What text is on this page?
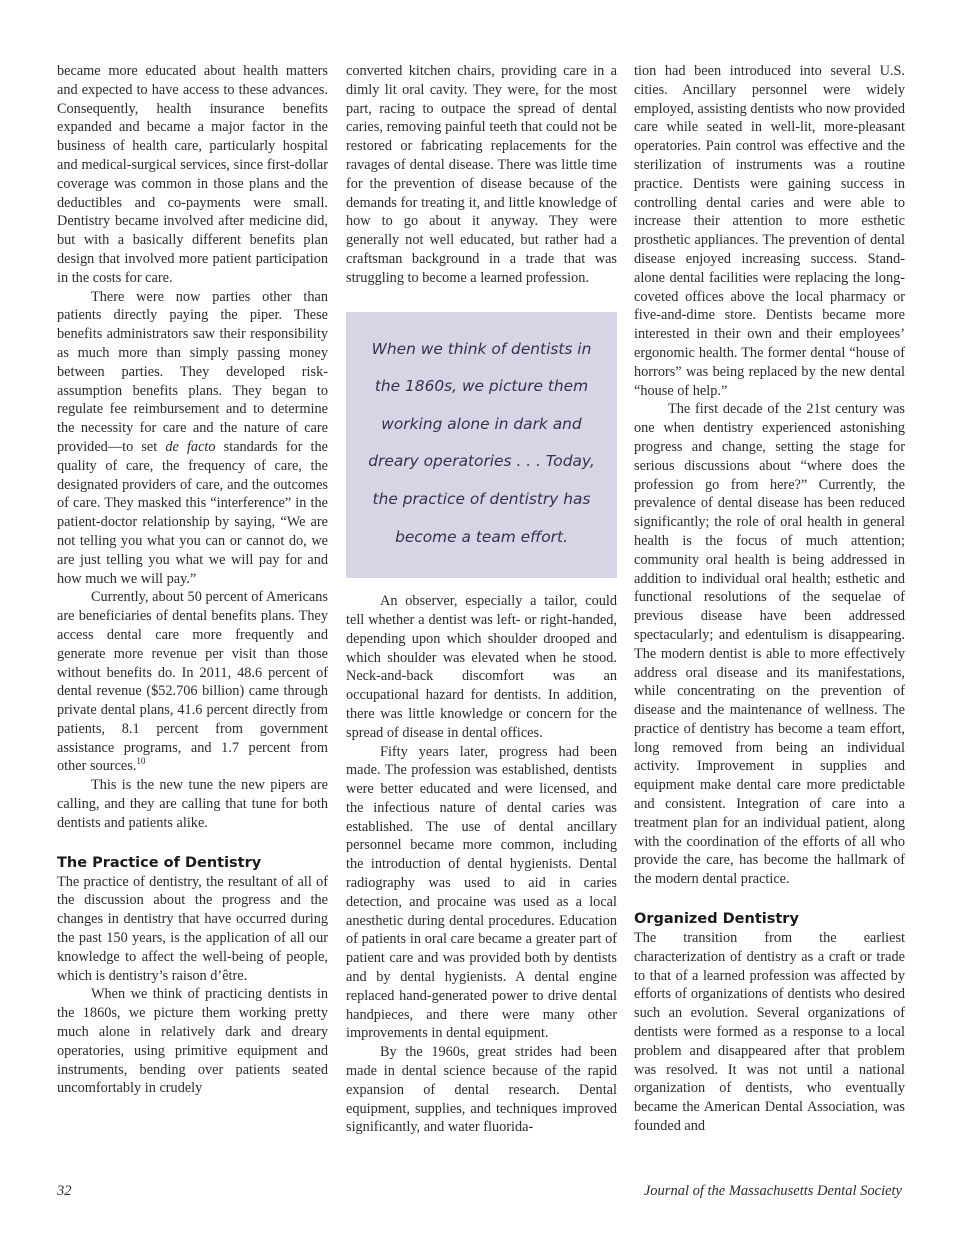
became more educated about health matters and expected to have access to these advances. Consequently, health insurance benefits expanded and became a major factor in the business of health care, particularly hospital and medical-surgical services, since first-dollar coverage was common in those plans and the deductibles and co-payments were small. Dentistry became involved after medicine did, but with a basically different benefits plan design that involved more patient participation in the costs for care.

There were now parties other than patients directly paying the piper. These benefits administrators saw their responsibility as much more than simply passing money between parties. They developed risk-assumption benefits plans. They began to regulate fee reimbursement and to determine the necessity for care and the nature of care provided—to set de facto standards for the quality of care, the frequency of care, the designated providers of care, and the outcomes of care. They masked this “interference” in the patient-doctor relationship by saying, “We are not telling you what you can or cannot do, we are just telling you what we will pay for and how much we will pay.”

Currently, about 50 percent of Americans are beneficiaries of dental benefits plans. They access dental care more frequently and generate more revenue per visit than those without benefits do. In 2011, 48.6 percent of dental revenue ($52.706 billion) came through private dental plans, 41.6 percent directly from patients, 8.1 percent from government assistance programs, and 1.7 percent from other sources.$^{10}$

This is the new tune the new pipers are calling, and they are calling that tune for both dentists and patients alike.

The Practice of Dentistry

The practice of dentistry, the resultant of all of the discussion about the progress and the changes in dentistry that have occurred during the past 150 years, is the application of all our knowledge to affect the well-being of people, which is dentistry’s raison d’être.

When we think of practicing dentists in the 1860s, we picture them working pretty much alone in relatively dark and dreary operatories, using primitive equipment and instruments, bending over patients seated uncomfortably in crudely

converted kitchen chairs, providing care in a dimly lit oral cavity. They were, for the most part, racing to outpace the spread of dental caries, removing painful teeth that could not be restored or fabricating replacements for the ravages of dental disease. There was little time for the prevention of disease because of the demands for treating it, and little knowledge of how to go about it anyway. They were generally not well educated, but rather had a craftsman background in a trade that was struggling to become a learned profession.

When we think of dentists in the 1860s, we picture them working alone in dark and dreary operatories . . . Today, the practice of dentistry has become a team effort.

An observer, especially a tailor, could tell whether a dentist was left- or right-handed, depending upon which shoulder drooped and which shoulder was elevated when he stood. Neck-and-back discomfort was an occupational hazard for dentists. In addition, there was little knowledge or concern for the spread of disease in dental offices.

Fifty years later, progress had been made. The profession was established, dentists were better educated and were licensed, and the infectious nature of dental caries was established. The use of dental ancillary personnel became more common, including the introduction of dental hygienists. Dental radiography was used to aid in caries detection, and procaine was used as a local anesthetic during dental procedures. Education of patients in oral care became a greater part of patient care and was provided both by dentists and by dental hygienists. A dental engine replaced hand-generated power to drive dental handpieces, and there were many other improvements in dental equipment.

By the 1960s, great strides had been made in dental science because of the rapid expansion of dental research. Dental equipment, supplies, and techniques improved significantly, and water fluorida-

tion had been introduced into several U.S. cities. Ancillary personnel were widely employed, assisting dentists who now provided care while seated in well-lit, more-pleasant operatories. Pain control was effective and the sterilization of instruments was a routine practice. Dentists were gaining success in controlling dental caries and were able to increase their attention to more esthetic prosthetic appliances. The prevention of dental disease enjoyed increasing success. Stand-alone dental facilities were replacing the long-coveted offices above the local pharmacy or five-and-dime store. Dentists became more interested in their own and their employees’ ergonomic health. The former dental “house of horrors” was being replaced by the new dental “house of help.”

The first decade of the 21st century was one when dentistry experienced astonishing progress and change, setting the stage for serious discussions about “where does the profession go from here?” Currently, the prevalence of dental disease has been reduced significantly; the role of oral health in general health is the focus of much attention; community oral health is being addressed in addition to individual oral health; esthetic and functional resolutions of the sequelae of previous disease have been addressed spectacularly; and edentulism is disappearing. The modern dentist is able to more effectively address oral disease and its manifestations, while concentrating on the prevention of disease and the maintenance of wellness. The practice of dentistry has become a team effort, long removed from being an individual activity. Improvement in supplies and equipment make dental care more predictable and consistent. Integration of care into a treatment plan for an individual patient, along with the coordination of the efforts of all who provide the care, has become the hallmark of the modern dental practice.

Organized Dentistry

The transition from the earliest characterization of dentistry as a craft or trade to that of a learned profession was affected by efforts of organizations of dentists who desired such an evolution. Several organizations of dentists were formed as a response to a local problem and disappeared after that problem was resolved. It was not until a national organization of dentists, who eventually became the American Dental Association, was founded and

32	Journal of the Massachusetts Dental Society
